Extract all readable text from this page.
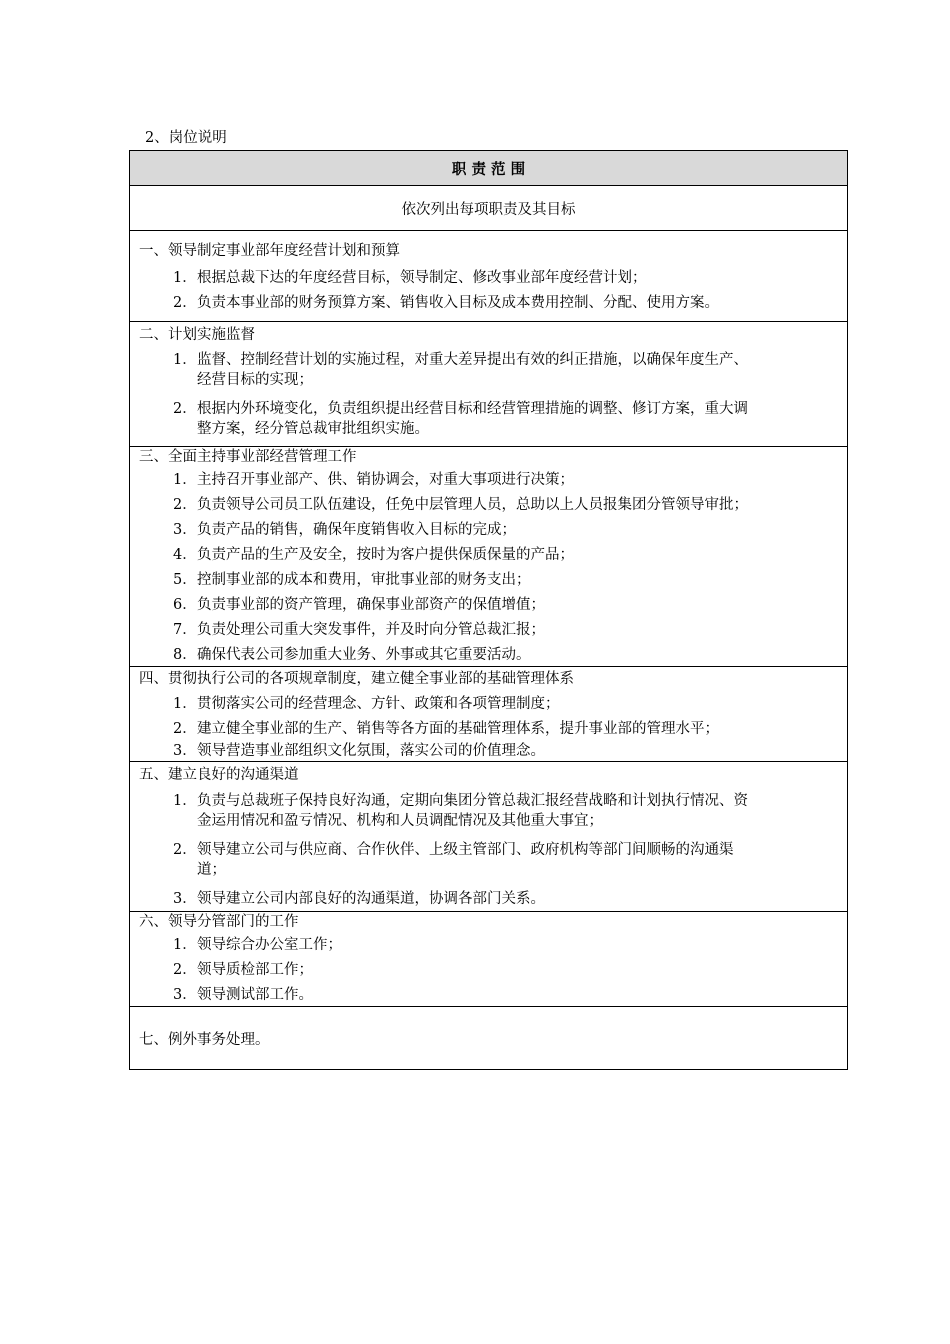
2、岗位说明
职 责 范 围
依次列出每项职责及其目标
一、领导制定事业部年度经营计划和预算
1．根据总裁下达的年度经营目标，领导制定、修改事业部年度经营计划；
2．负责本事业部的财务预算方案、销售收入目标及成本费用控制、分配、使用方案。
二、计划实施监督
1．监督、控制经营计划的实施过程，对重大差异提出有效的纠正措施，以确保年度生产、
经营目标的实现；
2．根据内外环境变化，负责组织提出经营目标和经营管理措施的调整、修订方案，重大调
整方案，经分管总裁审批组织实施。
三、全面主持事业部经营管理工作
1．主持召开事业部产、供、销协调会，对重大事项进行决策；
2．负责领导公司员工队伍建设，任免中层管理人员，总助以上人员报集团分管领导审批；
3．负责产品的销售，确保年度销售收入目标的完成；
4．负责产品的生产及安全，按时为客户提供保质保量的产品；
5．控制事业部的成本和费用，审批事业部的财务支出；
6．负责事业部的资产管理，确保事业部资产的保值增值；
7．负责处理公司重大突发事件，并及时向分管总裁汇报；
8．确保代表公司参加重大业务、外事或其它重要活动。
四、贯彻执行公司的各项规章制度，建立健全事业部的基础管理体系
1．贯彻落实公司的经营理念、方针、政策和各项管理制度；
2．建立健全事业部的生产、销售等各方面的基础管理体系，提升事业部的管理水平；
3．领导营造事业部组织文化氛围，落实公司的价值理念。
五、建立良好的沟通渠道
1．负责与总裁班子保持良好沟通，定期向集团分管总裁汇报经营战略和计划执行情况、资
金运用情况和盈亏情况、机构和人员调配情况及其他重大事宜；
2．领导建立公司与供应商、合作伙伴、上级主管部门、政府机构等部门间顺畅的沟通渠
道；
3．领导建立公司内部良好的沟通渠道，协调各部门关系。
六、领导分管部门的工作
1．领导综合办公室工作；
2．领导质检部工作；
3．领导测试部工作。
七、例外事务处理。
